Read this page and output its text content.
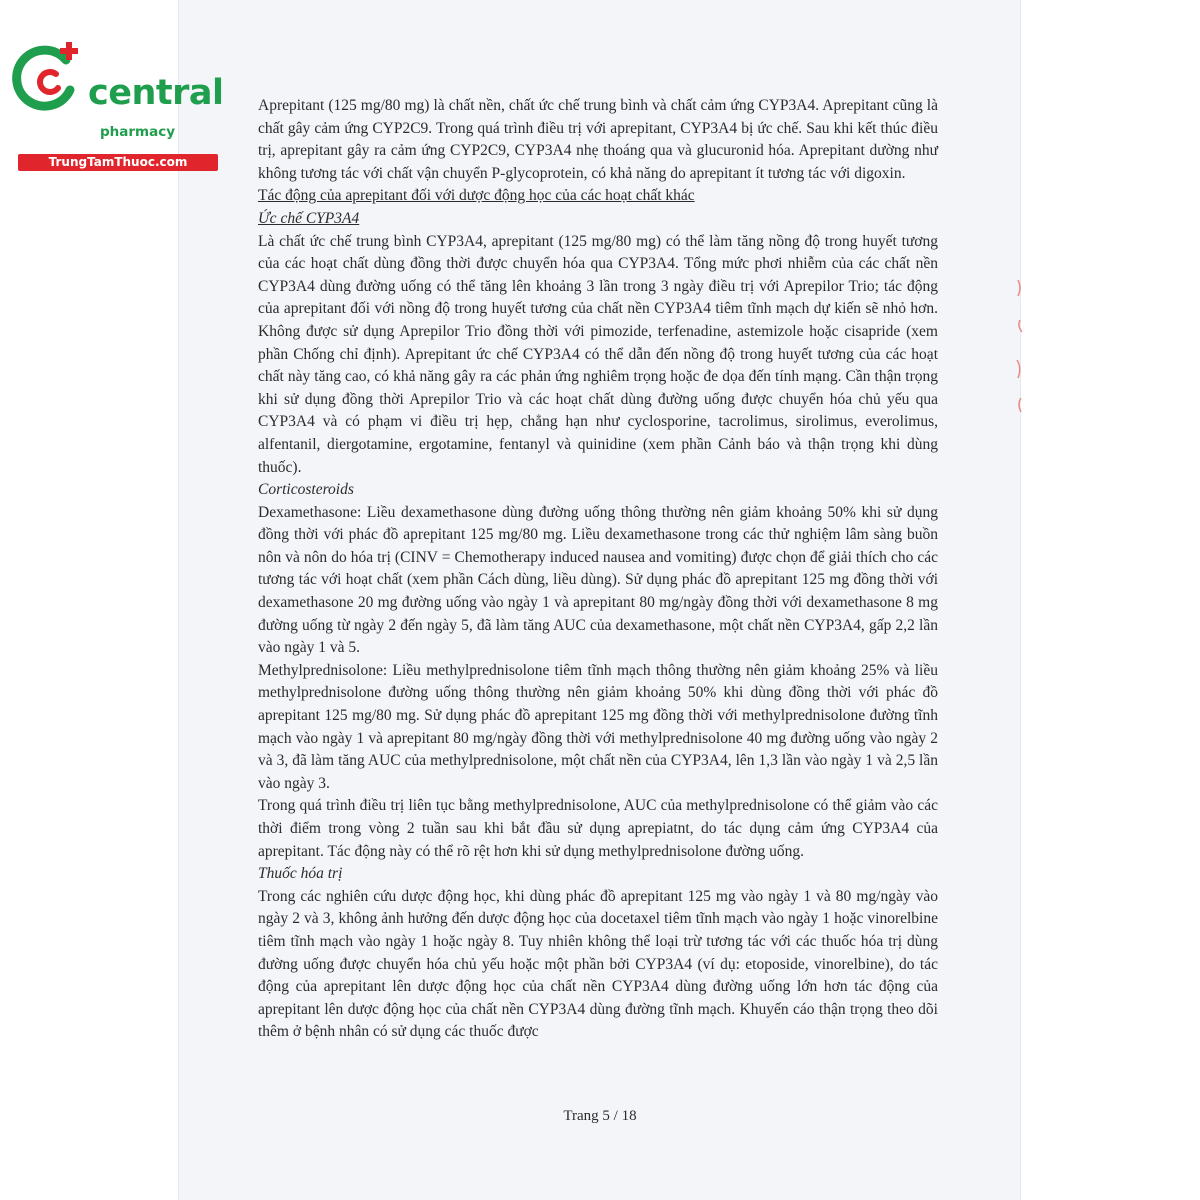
central
pharmacy
TrungTamThuoc.com

Aprepitant (125 mg/80 mg) là chất nền, chất ức chế trung bình và chất cảm ứng CYP3A4. Aprepitant cũng là chất gây cảm ứng CYP2C9. Trong quá trình điều trị với aprepitant, CYP3A4 bị ức chế. Sau khi kết thúc điều trị, aprepitant gây ra cảm ứng CYP2C9, CYP3A4 nhẹ thoáng qua và glucuronid hóa. Aprepitant dường như không tương tác với chất vận chuyển P-glycoprotein, có khả năng do aprepitant ít tương tác với digoxin.

Tác động của aprepitant đối với dược động học của các hoạt chất khác

Ức chế CYP3A4

Là chất ức chế trung bình CYP3A4, aprepitant (125 mg/80 mg) có thể làm tăng nồng độ trong huyết tương của các hoạt chất dùng đồng thời được chuyển hóa qua CYP3A4. Tổng mức phơi nhiễm của các chất nền CYP3A4 dùng đường uống có thể tăng lên khoảng 3 lần trong 3 ngày điều trị với Aprepilor Trio; tác động của aprepitant đối với nồng độ trong huyết tương của chất nền CYP3A4 tiêm tĩnh mạch dự kiến sẽ nhỏ hơn. Không được sử dụng Aprepilor Trio đồng thời với pimozide, terfenadine, astemizole hoặc cisapride (xem phần Chống chỉ định). Aprepitant ức chế CYP3A4 có thể dẫn đến nồng độ trong huyết tương của các hoạt chất này tăng cao, có khả năng gây ra các phản ứng nghiêm trọng hoặc đe dọa đến tính mạng. Cần thận trọng khi sử dụng đồng thời Aprepilor Trio và các hoạt chất dùng đường uống được chuyển hóa chủ yếu qua CYP3A4 và có phạm vi điều trị hẹp, chẳng hạn như cyclosporine, tacrolimus, sirolimus, everolimus, alfentanil, diergotamine, ergotamine, fentanyl và quinidine (xem phần Cảnh báo và thận trọng khi dùng thuốc).

Corticosteroids

Dexamethasone: Liều dexamethasone dùng đường uống thông thường nên giảm khoảng 50% khi sử dụng đồng thời với phác đồ aprepitant 125 mg/80 mg. Liều dexamethasone trong các thử nghiệm lâm sàng buồn nôn và nôn do hóa trị (CINV = Chemotherapy induced nausea and vomiting) được chọn để giải thích cho các tương tác với hoạt chất (xem phần Cách dùng, liều dùng). Sử dụng phác đồ aprepitant 125 mg đồng thời với dexamethasone 20 mg đường uống vào ngày 1 và aprepitant 80 mg/ngày đồng thời với dexamethasone 8 mg đường uống từ ngày 2 đến ngày 5, đã làm tăng AUC của dexamethasone, một chất nền CYP3A4, gấp 2,2 lần vào ngày 1 và 5.

Methylprednisolone: Liều methylprednisolone tiêm tĩnh mạch thông thường nên giảm khoảng 25% và liều methylprednisolone đường uống thông thường nên giảm khoảng 50% khi dùng đồng thời với phác đồ aprepitant 125 mg/80 mg. Sử dụng phác đồ aprepitant 125 mg đồng thời với methylprednisolone đường tĩnh mạch vào ngày 1 và aprepitant 80 mg/ngày đồng thời với methylprednisolone 40 mg đường uống vào ngày 2 và 3, đã làm tăng AUC của methylprednisolone, một chất nền của CYP3A4, lên 1,3 lần vào ngày 1 và 2,5 lần vào ngày 3.

Trong quá trình điều trị liên tục bằng methylprednisolone, AUC của methylprednisolone có thể giảm vào các thời điểm trong vòng 2 tuần sau khi bắt đầu sử dụng aprepiatnt, do tác dụng cảm ứng CYP3A4 của aprepitant. Tác động này có thể rõ rệt hơn khi sử dụng methylprednisolone đường uống.

Thuốc hóa trị

Trong các nghiên cứu dược động học, khi dùng phác đồ aprepitant 125 mg vào ngày 1 và 80 mg/ngày vào ngày 2 và 3, không ảnh hưởng đến dược động học của docetaxel tiêm tĩnh mạch vào ngày 1 hoặc vinorelbine tiêm tĩnh mạch vào ngày 1 hoặc ngày 8. Tuy nhiên không thể loại trừ tương tác với các thuốc hóa trị dùng đường uống được chuyển hóa chủ yếu hoặc một phần bởi CYP3A4 (ví dụ: etoposide, vinorelbine), do tác động của aprepitant lên dược động học của chất nền CYP3A4 dùng đường uống lớn hơn tác động của aprepitant lên dược động học của chất nền CYP3A4 dùng đường tĩnh mạch. Khuyến cáo thận trọng theo dõi thêm ở bệnh nhân có sử dụng các thuốc được

Trang 5 / 18
